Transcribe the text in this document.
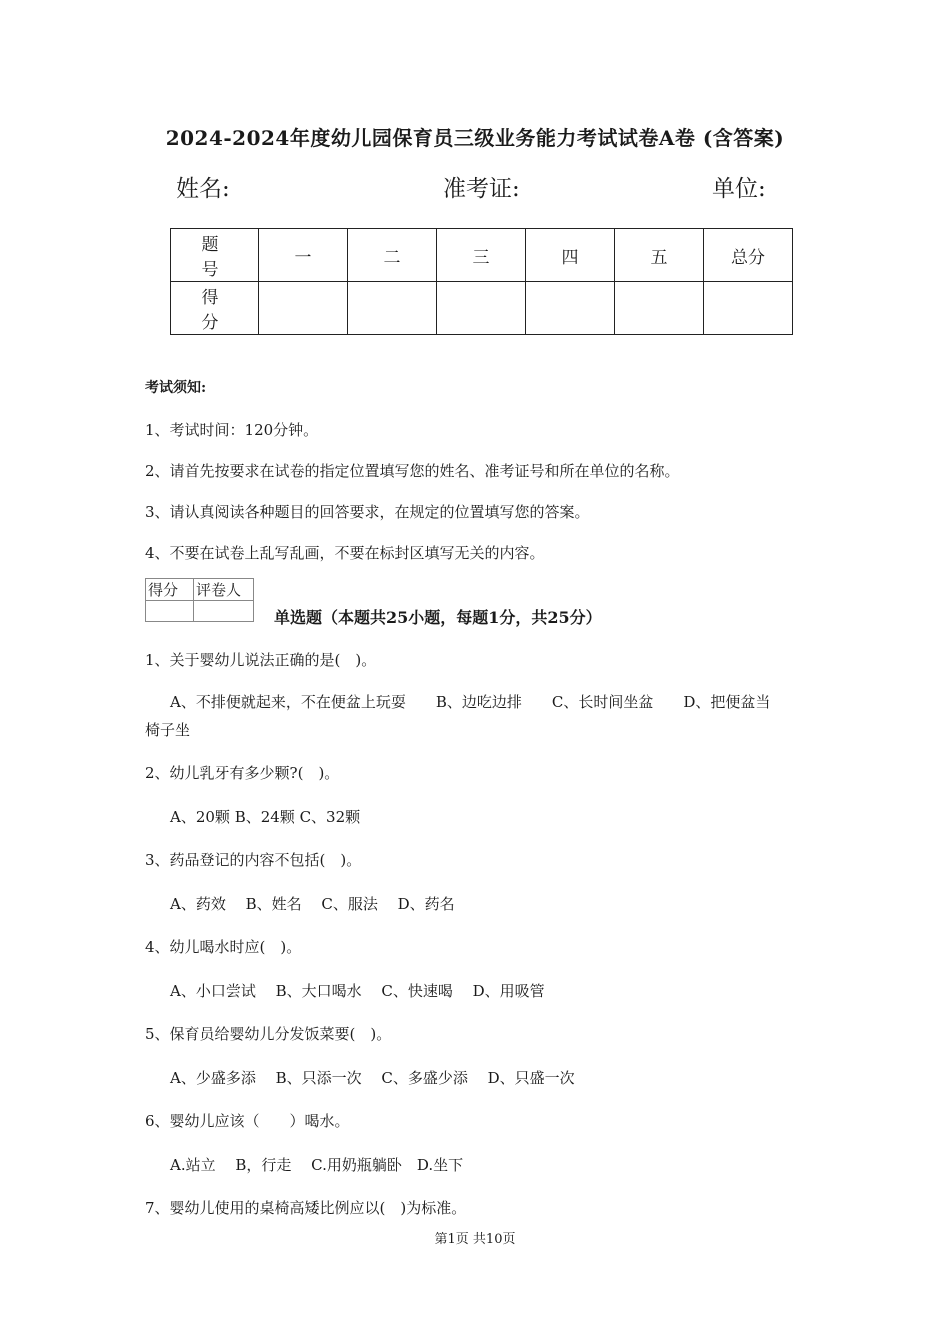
2024-2024年度幼儿园保育员三级业务能力考试试卷A卷 (含答案)
姓名:	准考证:	单位:
题 号	一	二	三	四	五	总分
得 分						
考试须知:
1、考试时间：120分钟。
2、请首先按要求在试卷的指定位置填写您的姓名、准考证号和所在单位的名称。
3、请认真阅读各种题目的回答要求，在规定的位置填写您的答案。
4、不要在试卷上乱写乱画，不要在标封区填写无关的内容。
得分	评卷人

单选题（本题共25小题，每题1分，共25分）
1、关于婴幼儿说法正确的是(　)。
A、不排便就起来，不在便盆上玩耍　　B、边吃边排　　C、长时间坐盆　　D、把便盆当
椅子坐
2、幼儿乳牙有多少颗?(　)。
A、20颗 B、24颗 C、32颗
3、药品登记的内容不包括(　)。
A、药效　 B、姓名　 C、服法　 D、药名
4、幼儿喝水时应(　)。
A、小口尝试　 B、大口喝水　 C、快速喝　 D、用吸管
5、保育员给婴幼儿分发饭菜要(　)。
A、少盛多添　 B、只添一次　 C、多盛少添　 D、只盛一次
6、婴幼儿应该（　　）喝水。
A.站立　 B，行走　 C.用奶瓶躺卧　D.坐下
7、婴幼儿使用的桌椅高矮比例应以(　)为标准。
第1页 共10页
